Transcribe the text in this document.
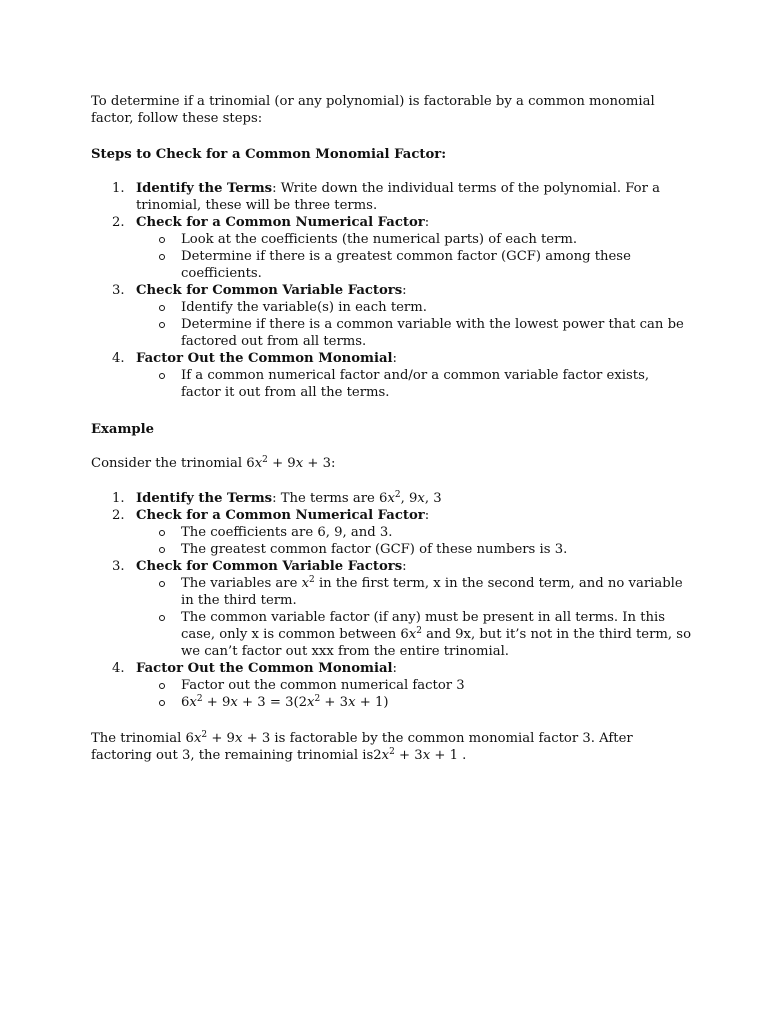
To determine if a trinomial (or any polynomial) is factorable by a common monomial factor, follow these steps:

Steps to Check for a Common Monomial Factor:

1. Identify the Terms: Write down the individual terms of the polynomial. For a trinomial, these will be three terms.
2. Check for a Common Numerical Factor:
Look at the coefficients (the numerical parts) of each term.
Determine if there is a greatest common factor (GCF) among these coefficients.
3. Check for Common Variable Factors:
Identify the variable(s) in each term.
Determine if there is a common variable with the lowest power that can be factored out from all terms.
4. Factor Out the Common Monomial:
If a common numerical factor and/or a common variable factor exists, factor it out from all the terms.

Example

Consider the trinomial $6x^2 + 9x + 3$:

1. Identify the Terms: The terms are $6x^2$, 9x, 3
2. Check for a Common Numerical Factor:
The coefficients are 6, 9, and 3.
The greatest common factor (GCF) of these numbers is 3.
3. Check for Common Variable Factors:
The variables are $x^2$ in the first term, x in the second term, and no variable in the third term.
The common variable factor (if any) must be present in all terms. In this case, only x is common between $6x^2$ and 9x, but it’s not in the third term, so we can’t factor out xxx from the entire trinomial.
4. Factor Out the Common Monomial:
Factor out the common numerical factor 3
$6x^2 + 9x + 3 = 3(2x^2 + 3x + 1)$

The trinomial $6x^2 + 9x + 3$ is factorable by the common monomial factor 3. After factoring out 3, the remaining trinomial $is2x^2 + 3x + 1$ .
